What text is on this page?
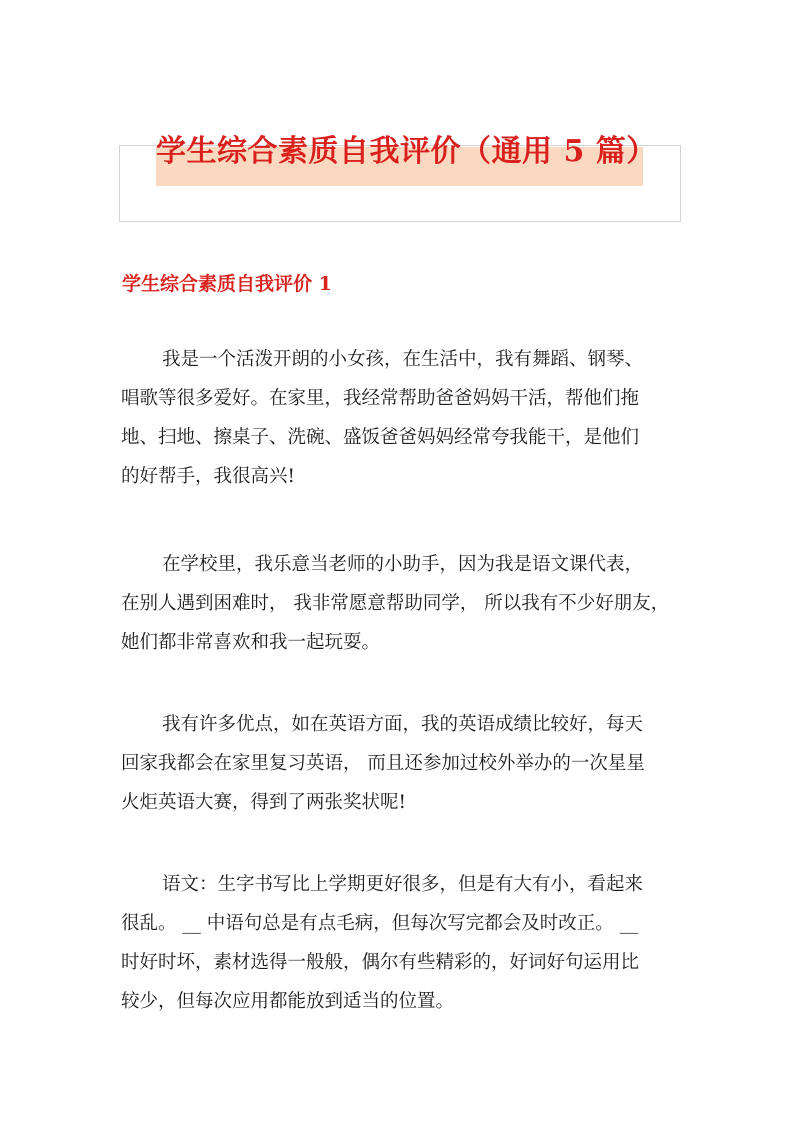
学生综合素质自我评价（通用 5 篇）
学生综合素质自我评价 1
我是一个活泼开朗的小女孩，在生活中，我有舞蹈、钢琴、
唱歌等很多爱好。在家里，我经常帮助爸爸妈妈干活，帮他们拖
地、扫地、擦桌子、洗碗、盛饭爸爸妈妈经常夸我能干，是他们
的好帮手，我很高兴!
在学校里，我乐意当老师的小助手，因为我是语文课代表，
在别人遇到困难时， 我非常愿意帮助同学， 所以我有不少好朋友，
她们都非常喜欢和我一起玩耍。
我有许多优点，如在英语方面，我的英语成绩比较好，每天
回家我都会在家里复习英语， 而且还参加过校外举办的一次星星
火炬英语大赛，得到了两张奖状呢!
语文：生字书写比上学期更好很多，但是有大有小，看起来
很乱。 __ 中语句总是有点毛病，但每次写完都会及时改正。 __
时好时坏，素材选得一般般，偶尔有些精彩的，好词好句运用比
较少，但每次应用都能放到适当的位置。
